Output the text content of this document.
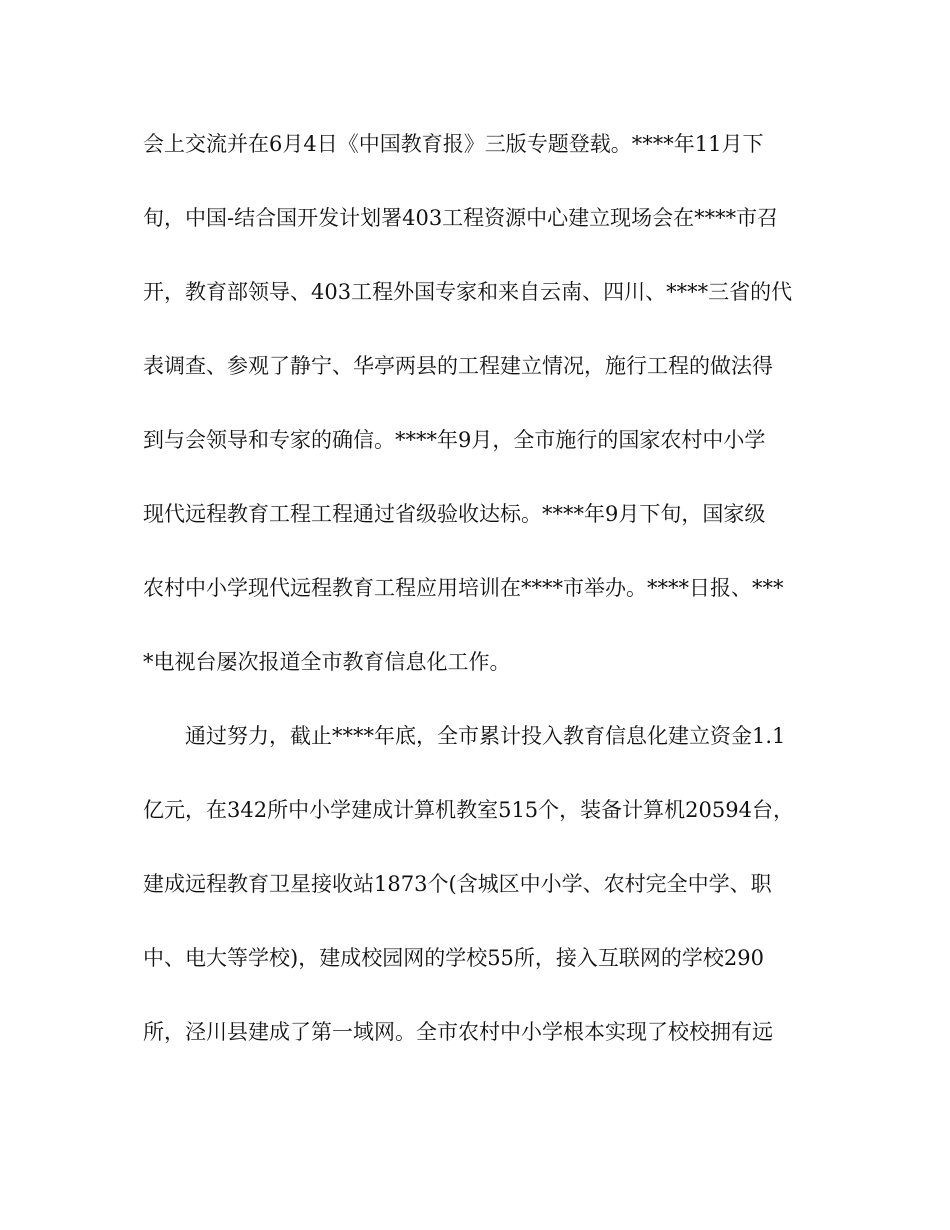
会上交流并在6月4日《中国教育报》三版专题登载。****年11月下
旬，中国-结合国开发计划署403工程资源中心建立现场会在****市召
开，教育部领导、403工程外国专家和来自云南、四川、****三省的代
表调查、参观了静宁、华亭两县的工程建立情况，施行工程的做法得
到与会领导和专家的确信。****年9月，全市施行的国家农村中小学
现代远程教育工程工程通过省级验收达标。****年9月下旬，国家级
农村中小学现代远程教育工程应用培训在****市举办。****日报、***
*电视台屡次报道全市教育信息化工作。
　　通过努力，截止****年底，全市累计投入教育信息化建立资金1.1
亿元，在342所中小学建成计算机教室515个，装备计算机20594台，
建成远程教育卫星接收站1873个(含城区中小学、农村完全中学、职
中、电大等学校)，建成校园网的学校55所，接入互联网的学校290
所，泾川县建成了第一域网。全市农村中小学根本实现了校校拥有远
